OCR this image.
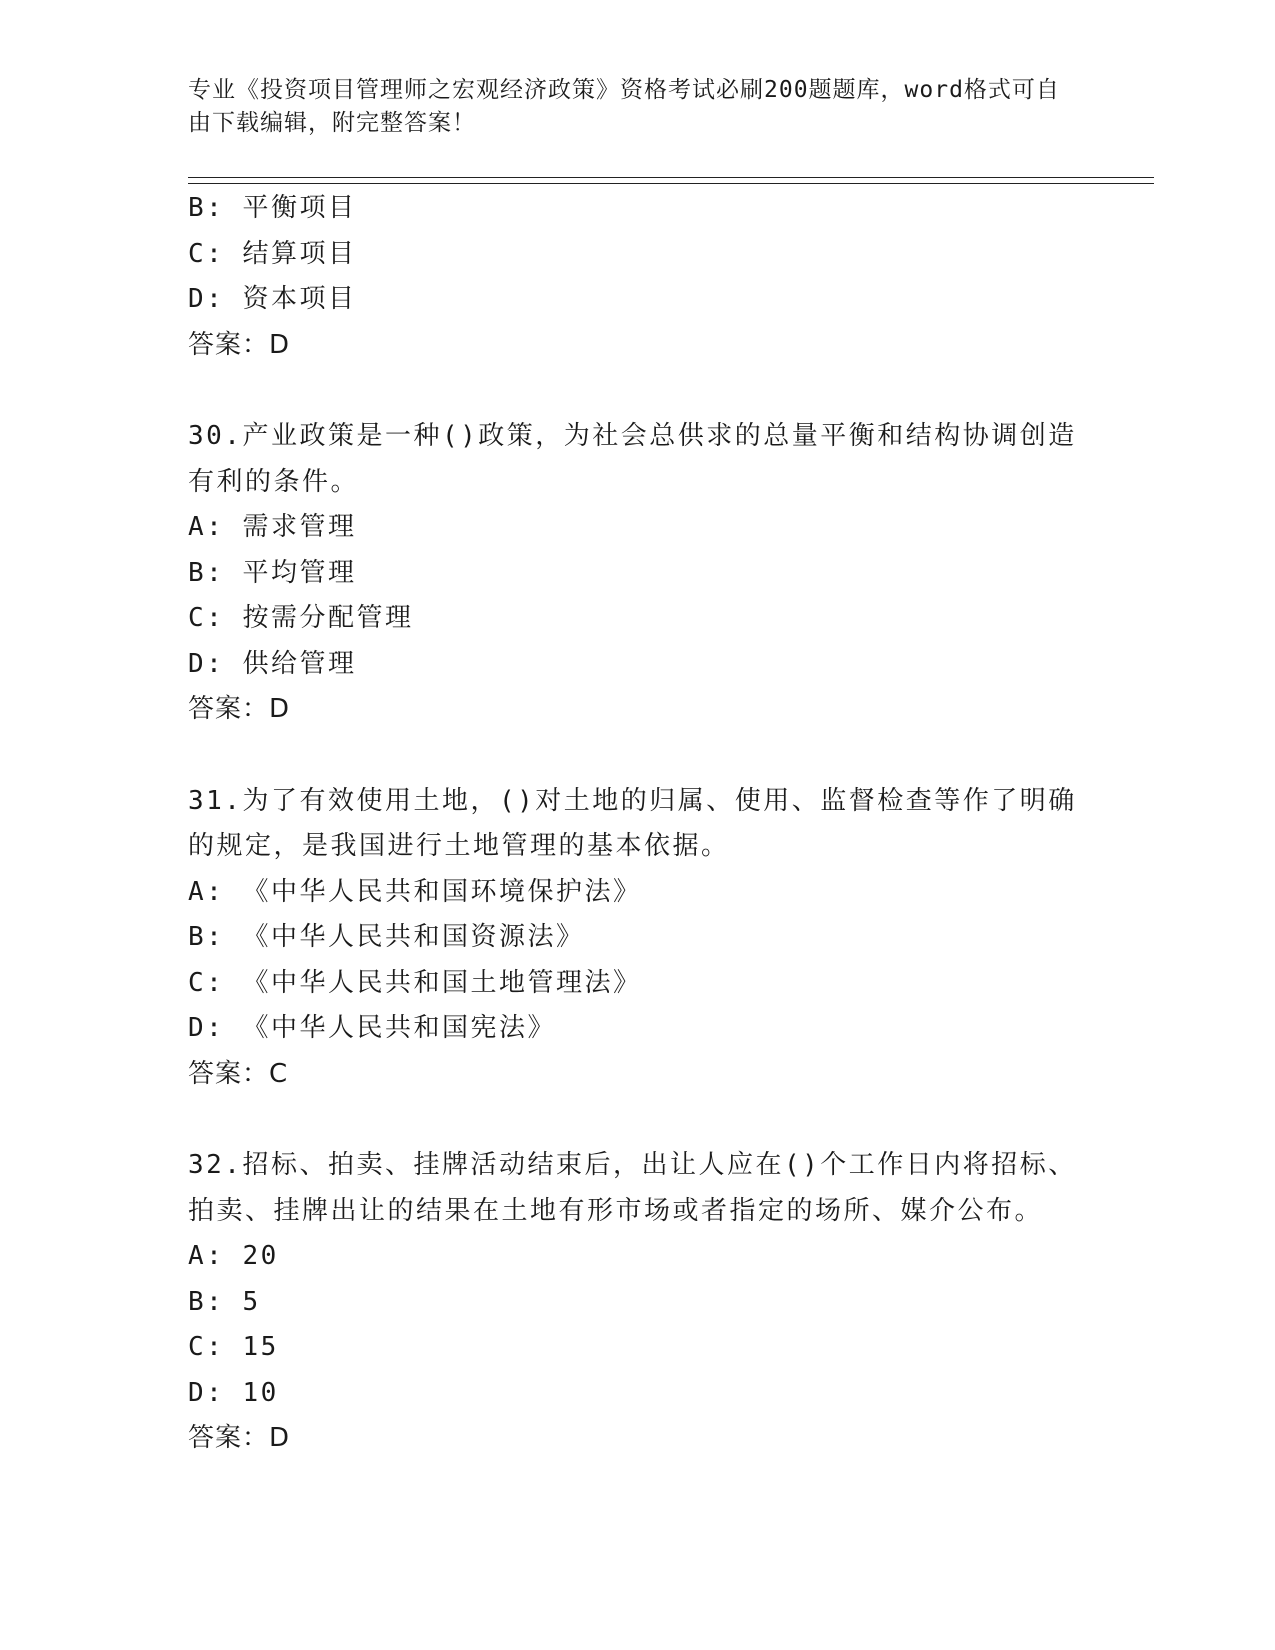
专业《投资项目管理师之宏观经济政策》资格考试必刷200题题库，word格式可自由下载编辑，附完整答案！
B: 平衡项目
C: 结算项目
D: 资本项目
答案：D
30.产业政策是一种()政策，为社会总供求的总量平衡和结构协调创造
有利的条件。
A: 需求管理
B: 平均管理
C: 按需分配管理
D: 供给管理
答案：D
31.为了有效使用土地，()对土地的归属、使用、监督检查等作了明确
的规定，是我国进行土地管理的基本依据。
A: 《中华人民共和国环境保护法》
B: 《中华人民共和国资源法》
C: 《中华人民共和国土地管理法》
D: 《中华人民共和国宪法》
答案：C
32.招标、拍卖、挂牌活动结束后，出让人应在()个工作日内将招标、
拍卖、挂牌出让的结果在土地有形市场或者指定的场所、媒介公布。
A: 20
B: 5
C: 15
D: 10
答案：D
